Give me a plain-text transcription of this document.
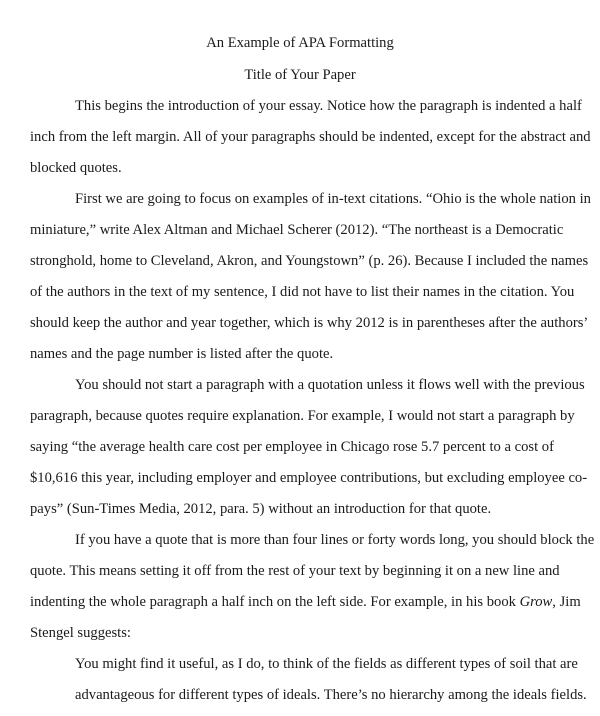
An Example of APA Formatting
Title of Your Paper
This begins the introduction of your essay. Notice how the paragraph is indented a half
inch from the left margin. All of your paragraphs should be indented, except for the abstract and
blocked quotes.
First we are going to focus on examples of in-text citations. “Ohio is the whole nation in
miniature,” write Alex Altman and Michael Scherer (2012). “The northeast is a Democratic
stronghold, home to Cleveland, Akron, and Youngstown” (p. 26). Because I included the names
of the authors in the text of my sentence, I did not have to list their names in the citation. You
should keep the author and year together, which is why 2012 is in parentheses after the authors’
names and the page number is listed after the quote.
You should not start a paragraph with a quotation unless it flows well with the previous
paragraph, because quotes require explanation. For example, I would not start a paragraph by
saying “the average health care cost per employee in Chicago rose 5.7 percent to a cost of
$10,616 this year, including employer and employee contributions, but excluding employee co-
pays” (Sun-Times Media, 2012, para. 5) without an introduction for that quote.
If you have a quote that is more than four lines or forty words long, you should block the
quote. This means setting it off from the rest of your text by beginning it on a new line and
indenting the whole paragraph a half inch on the left side. For example, in his book Grow, Jim
Stengel suggests:
You might find it useful, as I do, to think of the fields as different types of soil that are
advantageous for different types of ideals. There’s no hierarchy among the ideals fields.
